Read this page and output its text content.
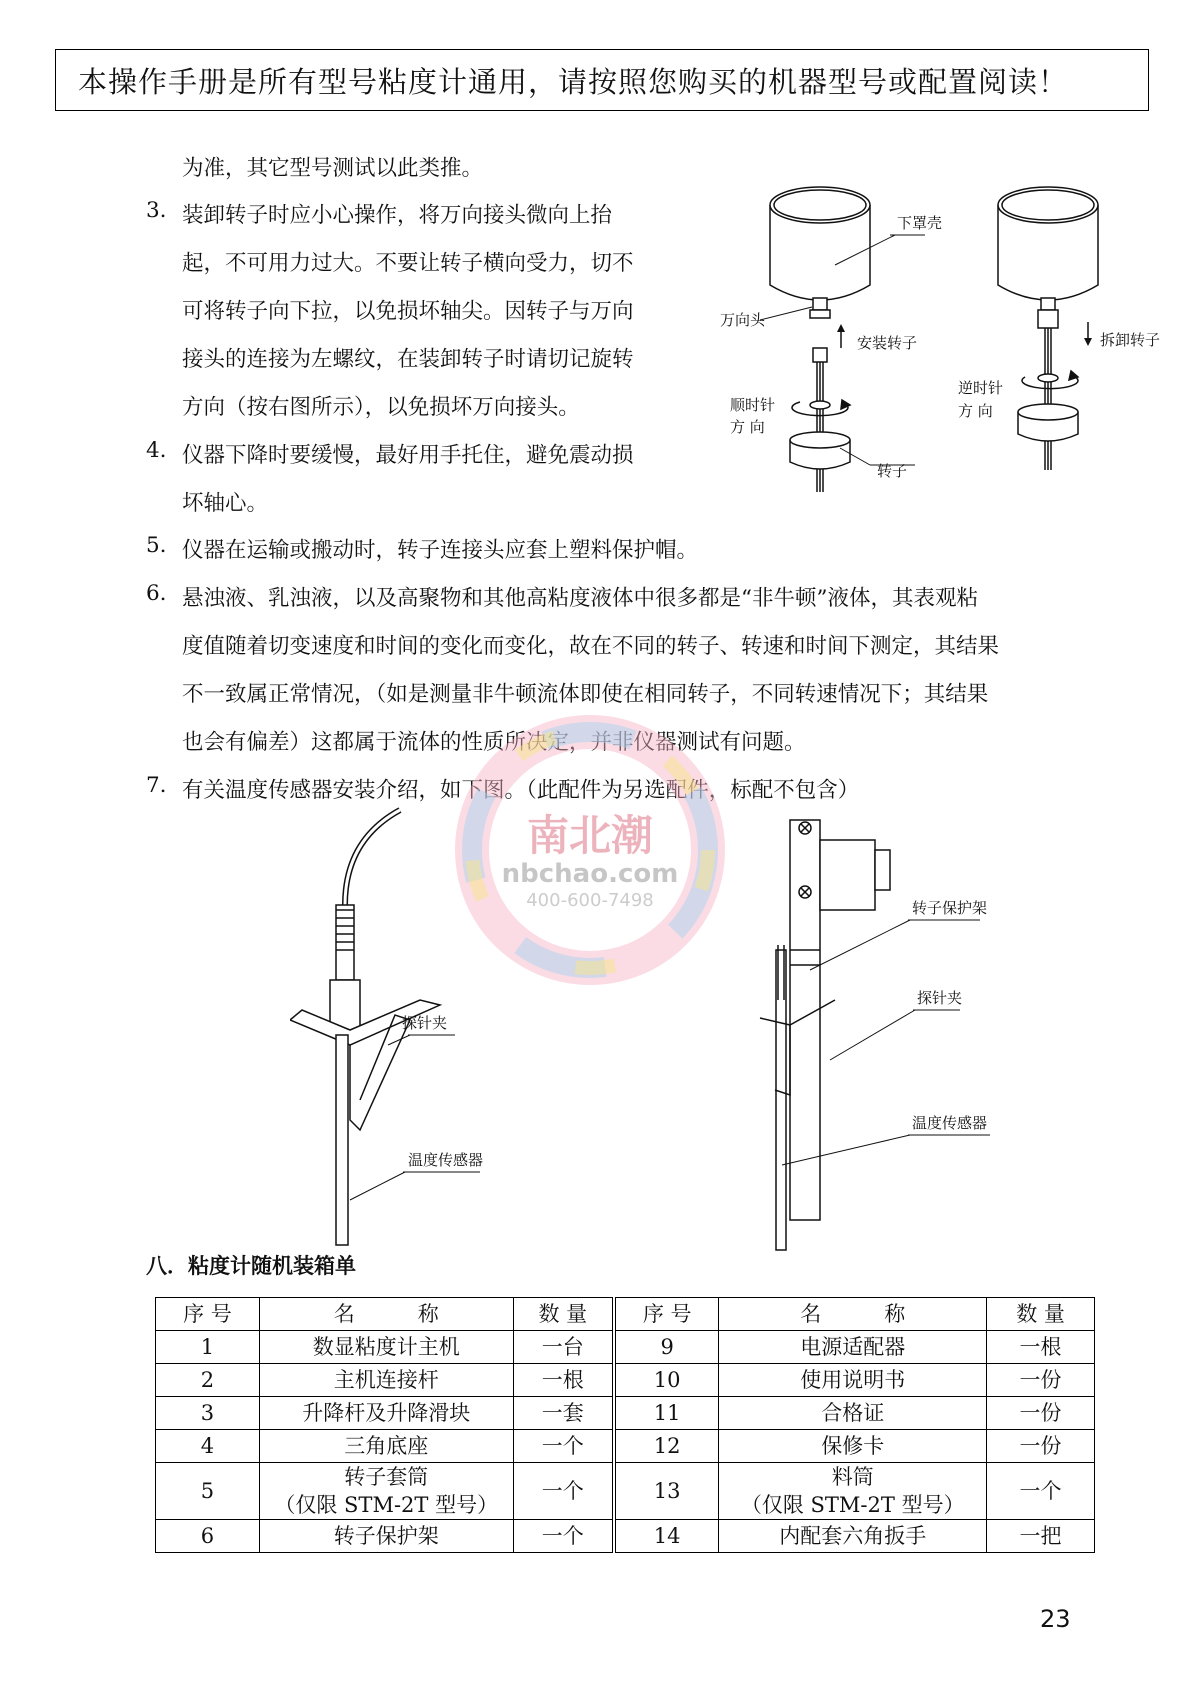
本操作手册是所有型号粘度计通用，请按照您购买的机器型号或配置阅读！
为准，其它型号测试以此类推。
3. 装卸转子时应小心操作，将万向接头微向上抬
起，不可用力过大。不要让转子横向受力，切不
可将转子向下拉，以免损坏轴尖。因转子与万向
接头的连接为左螺纹，在装卸转子时请切记旋转
方向（按右图所示），以免损坏万向接头。
4. 仪器下降时要缓慢，最好用手托住，避免震动损
坏轴心。
5. 仪器在运输或搬动时，转子连接头应套上塑料保护帽。
6. 悬浊液、乳浊液，以及高聚物和其他高粘度液体中很多都是“非牛顿”液体，其表观粘
度值随着切变速度和时间的变化而变化，故在不同的转子、转速和时间下测定，其结果
不一致属正常情况，（如是测量非牛顿流体即使在相同转子，不同转速情况下；其结果
也会有偏差）这都属于流体的性质所决定，并非仪器测试有问题。
7. 有关温度传感器安装介绍，如下图。（此配件为另选配件，标配不包含）
南北潮
nbchao.com
400-600-7498
下罩壳
万向头
安装转子
顺时针
方 向
转子
拆卸转子
逆时针
方 向
探针夹
温度传感器
转子保护架
探针夹
温度传感器
八．粘度计随机装箱单
序 号	名　　　称	数 量	序 号	名　　　称	数 量
1	数显粘度计主机	一台	9	电源适配器	一根
2	主机连接杆	一根	10	使用说明书	一份
3	升降杆及升降滑块	一套	11	合格证	一份
4	三角底座	一个	12	保修卡	一份
5	转子套筒
（仅限 STM-2T 型号）	一个	13	料筒
（仅限 STM-2T 型号）	一个
6	转子保护架	一个	14	内配套六角扳手	一把
23
